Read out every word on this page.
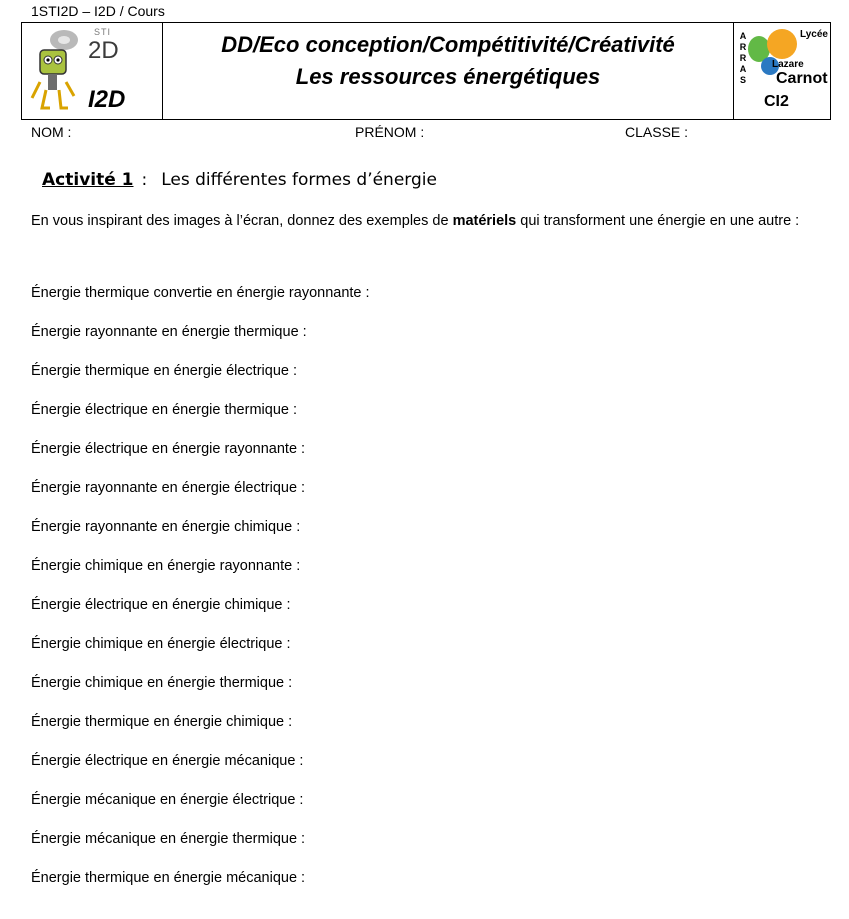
1STI2D – I2D / Cours
STI
2D
I2D
DD/Eco conception/Compétitivité/Créativité
Les ressources énergétiques
A
R
R
A
S
Lycée
Lazare
Carnot
CI2
NOM :	PRÉNOM :	CLASSE :
Activité 1 : Les différentes formes d’énergie
En vous inspirant des images à l’écran, donnez des exemples de matériels qui transforment une énergie en une autre :
Énergie thermique convertie en énergie rayonnante :
Énergie rayonnante en énergie thermique :
Énergie thermique en énergie électrique :
Énergie électrique en énergie thermique :
Énergie électrique en énergie rayonnante :
Énergie rayonnante en énergie électrique :
Énergie rayonnante en énergie chimique :
Énergie chimique en énergie rayonnante :
Énergie électrique en énergie chimique :
Énergie chimique en énergie électrique :
Énergie chimique en énergie thermique :
Énergie thermique en énergie chimique :
Énergie électrique en énergie mécanique :
Énergie mécanique en énergie électrique :
Énergie mécanique en énergie thermique :
Énergie thermique en énergie mécanique :
